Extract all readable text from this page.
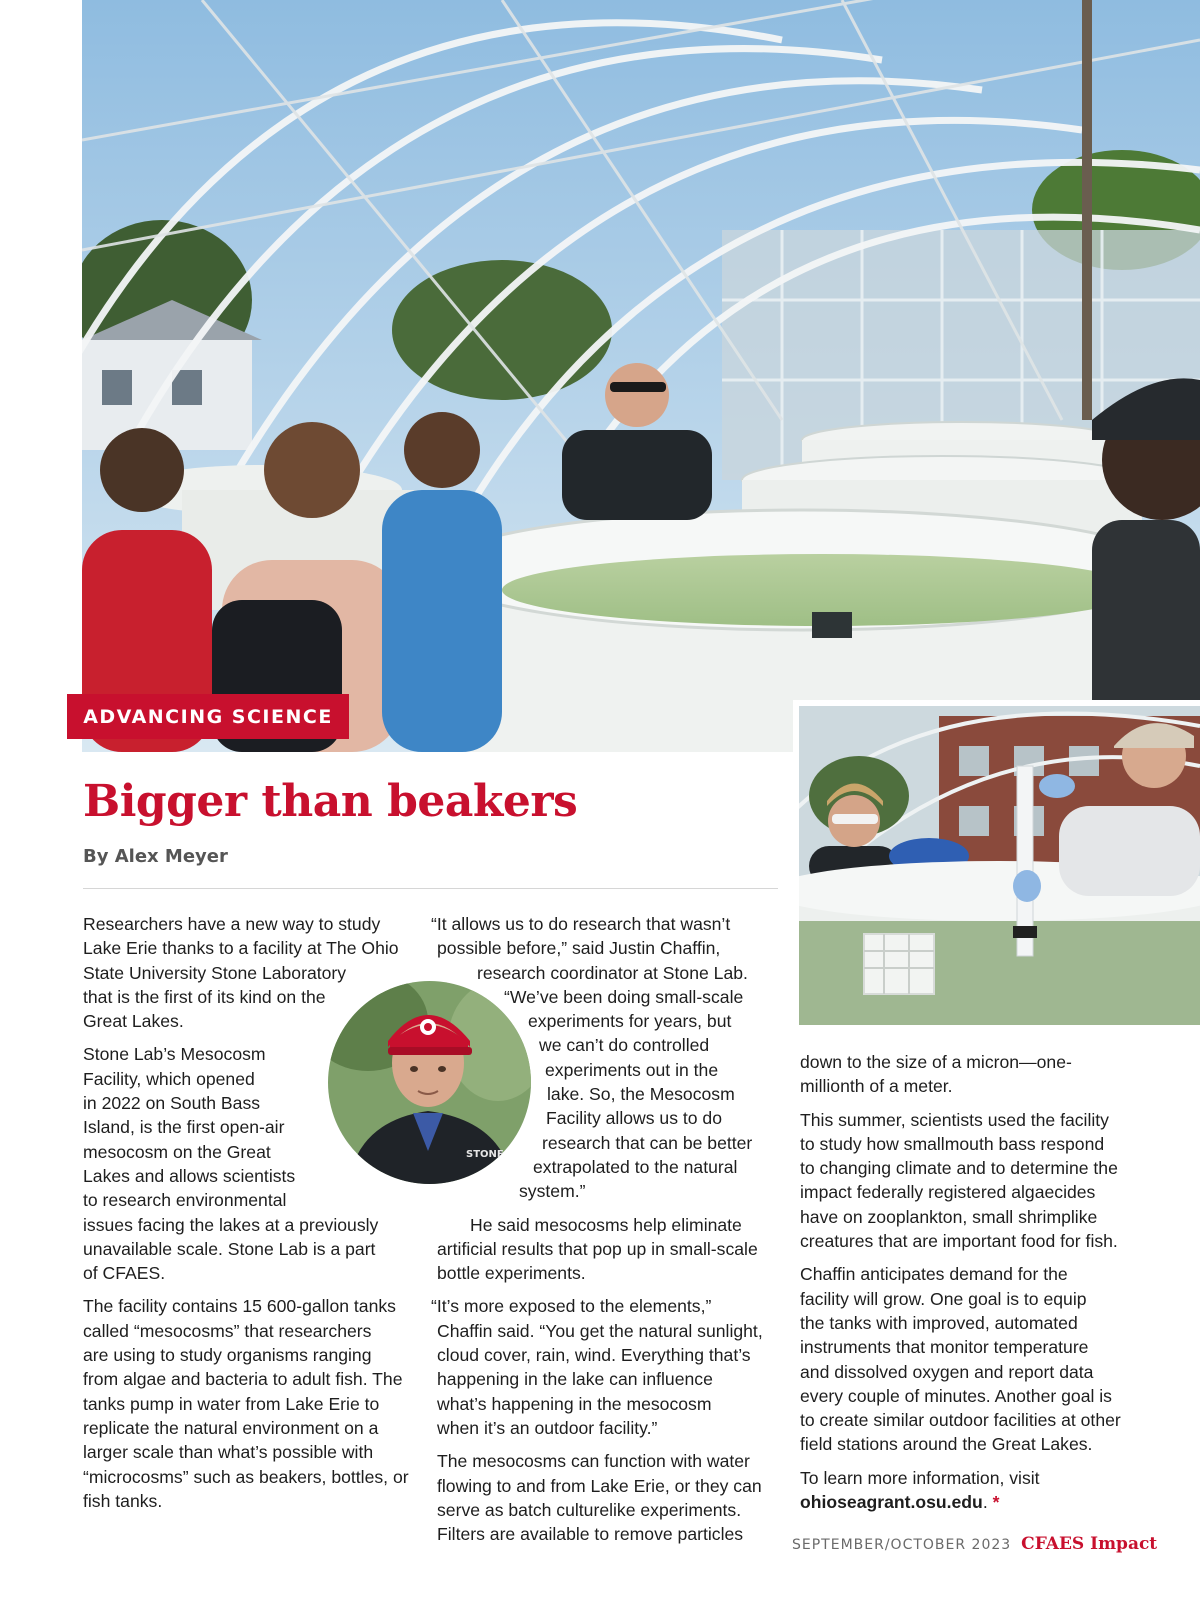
ADVANCING SCIENCE
Bigger than beakers

By Alex Meyer

Researchers have a new way to study
Lake Erie thanks to a facility at The Ohio
State University Stone Laboratory
that is the first of its kind on the
Great Lakes.

Stone Lab’s Mesocosm
Facility, which opened
in 2022 on South Bass
Island, is the first open-air
mesocosm on the Great
Lakes and allows scientists
to research environmental
issues facing the lakes at a previously
unavailable scale. Stone Lab is a part
of CFAES.

The facility contains 15 600-gallon tanks
called “mesocosms” that researchers
are using to study organisms ranging
from algae and bacteria to adult fish. The
tanks pump in water from Lake Erie to
replicate the natural environment on a
larger scale than what’s possible with
“microcosms” such as beakers, bottles, or
fish tanks.

“It allows us to do research that wasn’t
possible before,” said Justin Chaffin,
research coordinator at Stone Lab.
“We’ve been doing small-scale
experiments for years, but
we can’t do controlled
experiments out in the
lake. So, the Mesocosm
Facility allows us to do
research that can be better
extrapolated to the natural
system.”

He said mesocosms help eliminate
artificial results that pop up in small-scale
bottle experiments.

“It’s more exposed to the elements,”
Chaffin said. “You get the natural sunlight,
cloud cover, rain, wind. Everything that’s
happening in the lake can influence
what’s happening in the mesocosm
when it’s an outdoor facility.”

The mesocosms can function with water
flowing to and from Lake Erie, or they can
serve as batch culturelike experiments.
Filters are available to remove particles

STONE

down to the size of a micron—one-
millionth of a meter.

This summer, scientists used the facility
to study how smallmouth bass respond
to changing climate and to determine the
impact federally registered algaecides
have on zooplankton, small shrimplike
creatures that are important food for fish.

Chaffin anticipates demand for the
facility will grow. One goal is to equip
the tanks with improved, automated
instruments that monitor temperature
and dissolved oxygen and report data
every couple of minutes. Another goal is
to create similar outdoor facilities at other
field stations around the Great Lakes.

To learn more information, visit
ohioseagrant.osu.edu. *

SEPTEMBER/OCTOBER 2023 CFAES Impact
